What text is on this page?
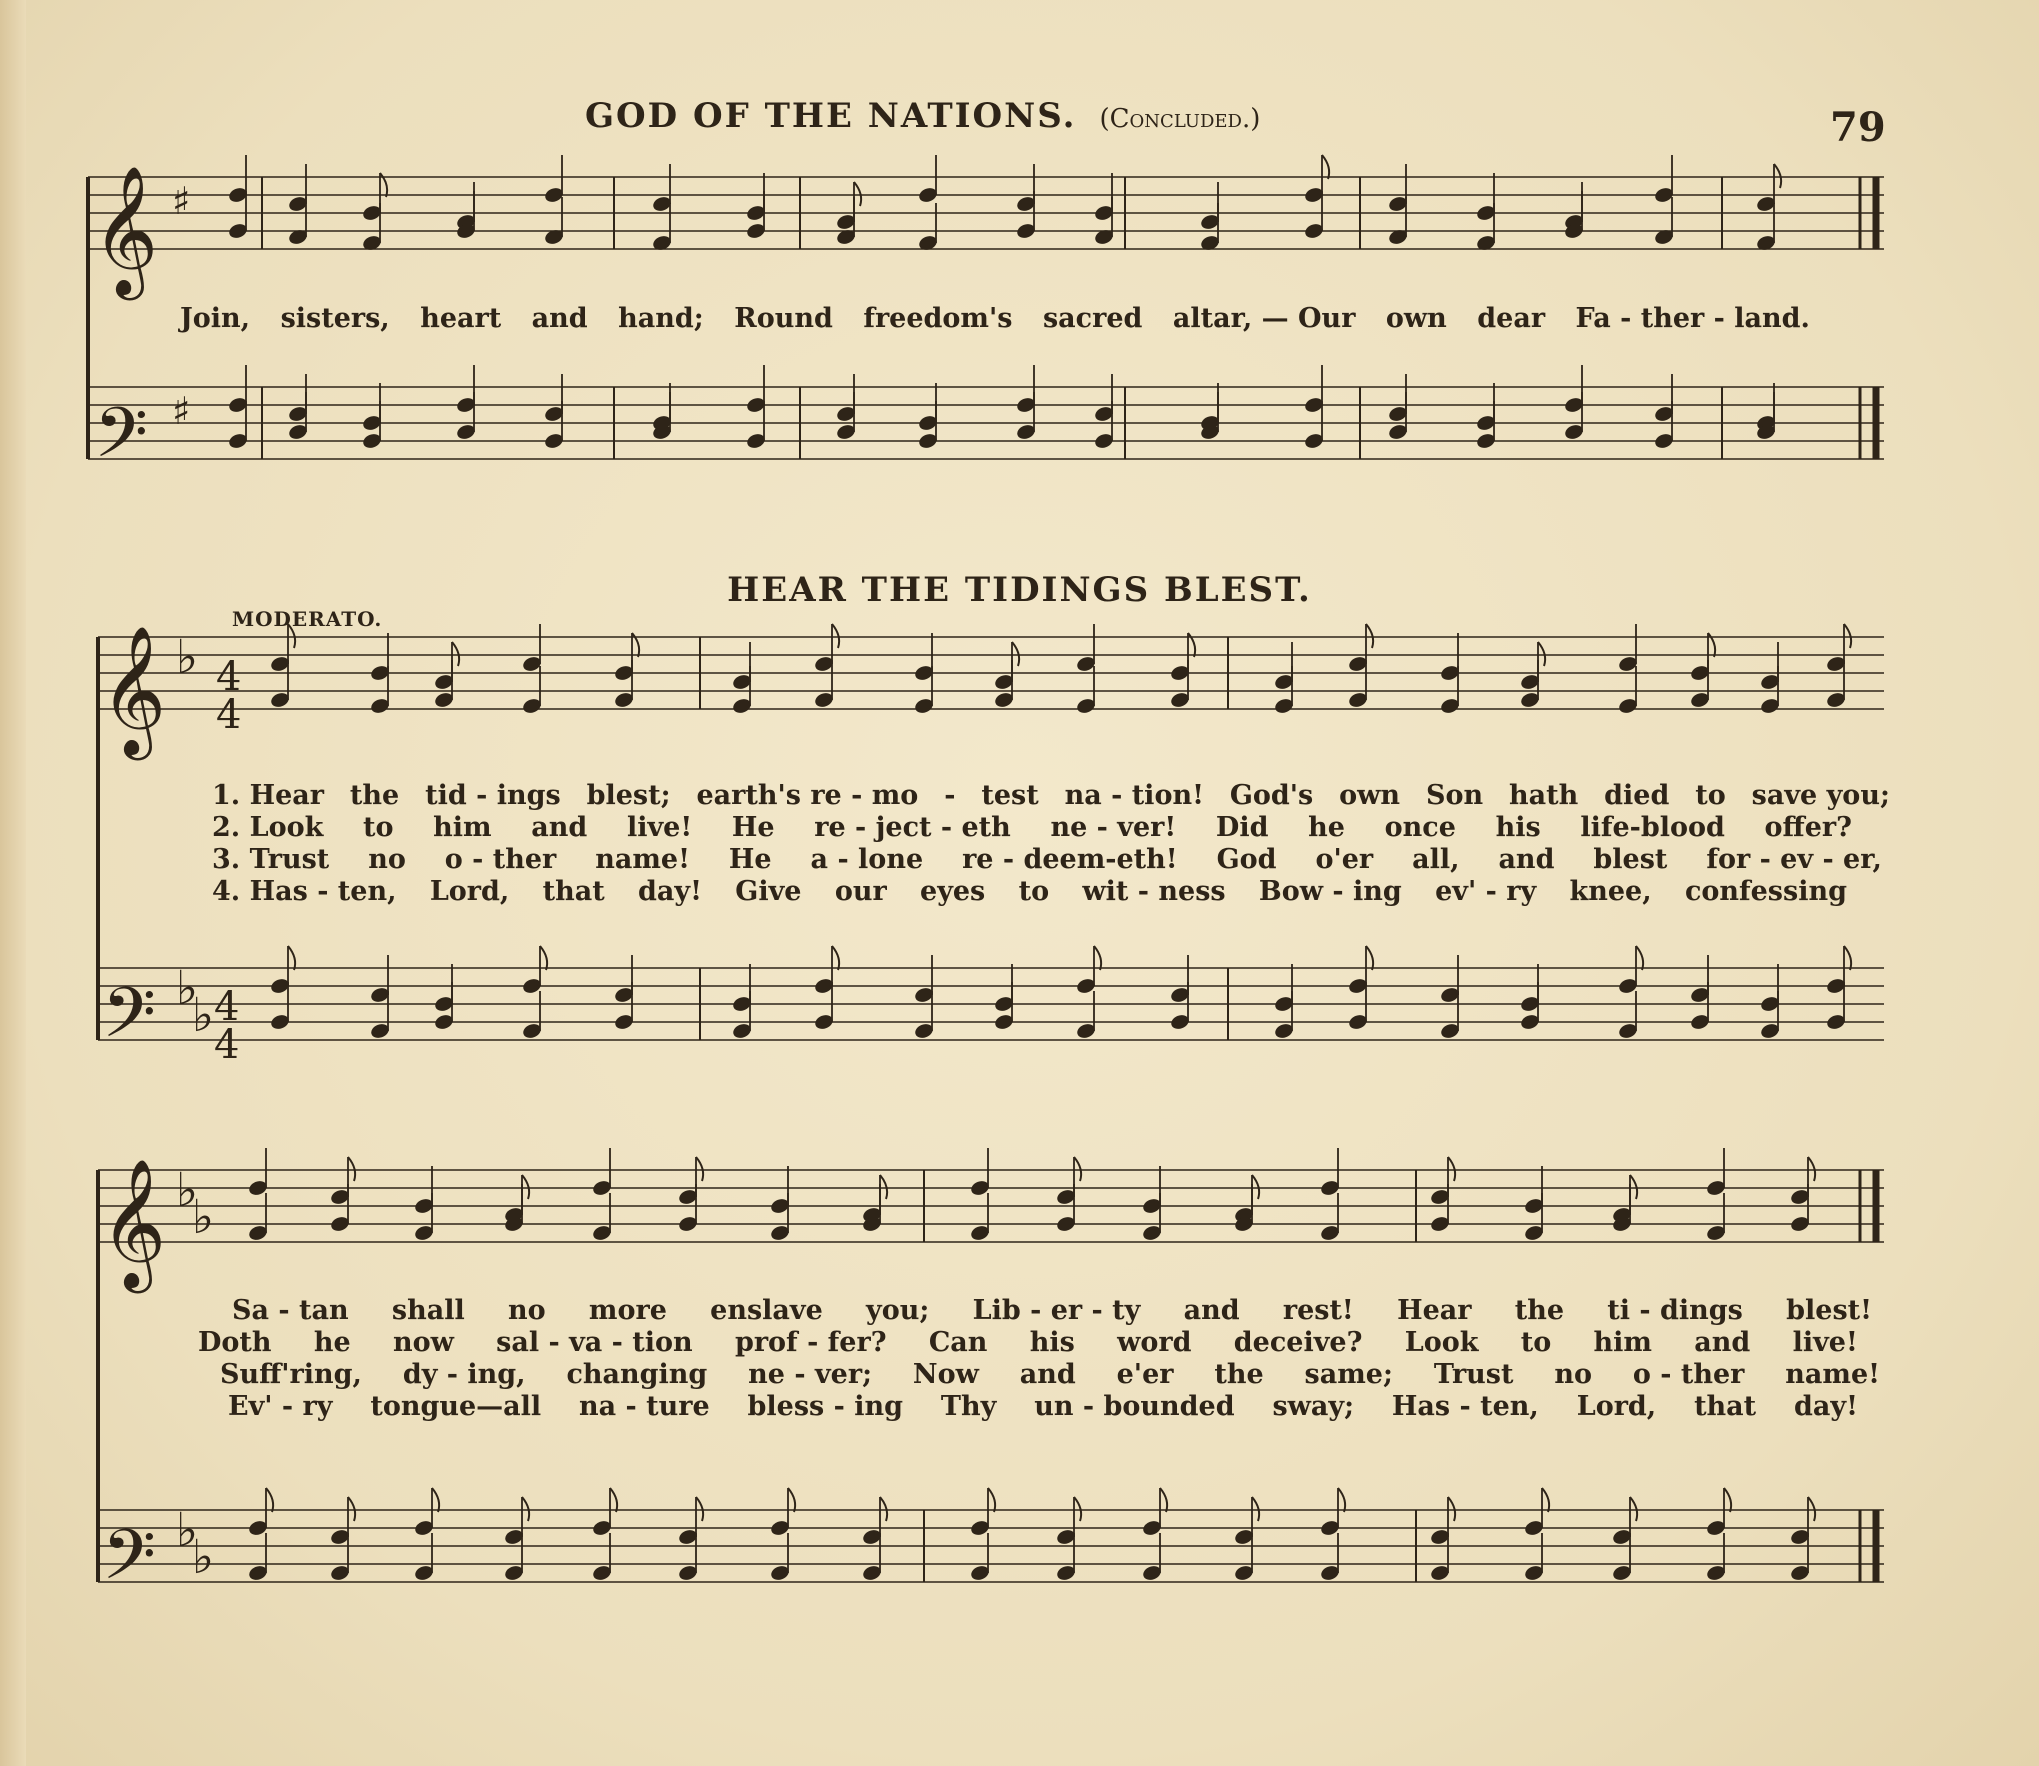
GOD OF THE NATIONS. (Concluded.)	79
𝄞
𝄢
♯
♯
𝄞
𝄢
♭
♭
♭
4
4
4
4
𝄞
𝄢
♭
♭
♭
♭
Join, sisters, heart and hand; Round freedom's sacred altar, — Our own dear Fa - ther - land.
HEAR THE TIDINGS BLEST.
MODERATO.
1. Hear the tid - ings blest; earth's re - mo - test na - tion! God's own Son hath died to save you;
2. Look to him and live! He re - ject - eth ne - ver! Did he once his life-blood offer?
3. Trust no o - ther name! He a - lone re - deem-eth! God o'er all, and blest for - ev - er,
4. Has - ten, Lord, that day! Give our eyes to wit - ness Bow - ing ev' - ry knee, confessing
Sa - tan shall no more enslave you; Lib - er - ty and rest! Hear the ti - dings blest!
Doth he now sal - va - tion prof - fer? Can his word deceive? Look to him and live!
Suff'ring, dy - ing, changing ne - ver; Now and e'er the same; Trust no o - ther name!
Ev' - ry tongue—all na - ture bless - ing Thy un - bounded sway; Has - ten, Lord, that day!
